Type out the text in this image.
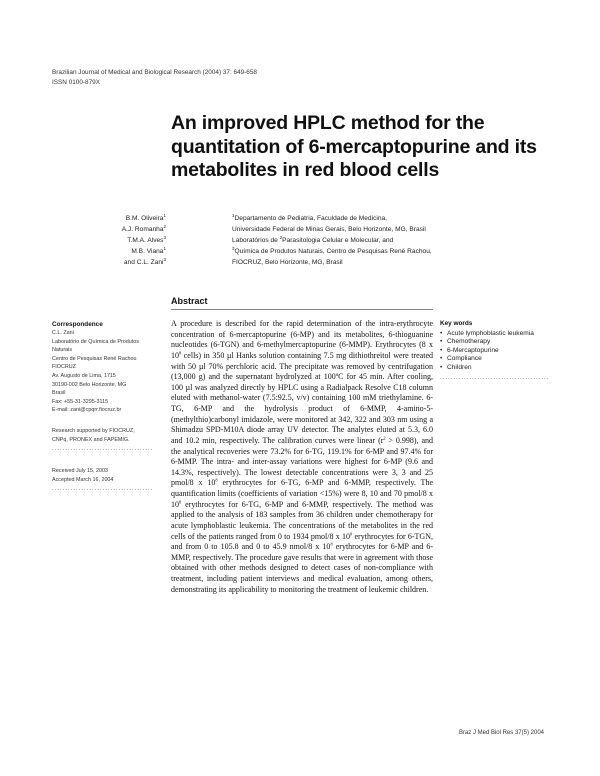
Brazilian Journal of Medical and Biological Research (2004) 37: 649-658
ISSN 0100-879X
An improved HPLC method for the quantitation of 6-mercaptopurine and its metabolites in red blood cells
B.M. Oliveira$^1$
A.J. Romanha$^2$
T.M.A. Alves$^3$
M.B. Viana$^1$
and C.L. Zani$^3$
$^1$Departamento de Pediatria, Faculdade de Medicina,
Universidade Federal de Minas Gerais, Belo Horizonte, MG, Brasil
Laboratórios de $^2$Parasitologia Celular e Molecular, and
$^3$Química de Produtos Naturais, Centro de Pesquisas René Rachou,
FIOCRUZ, Belo Horizonte, MG, Brasil
Abstract
Correspondence
C.L. Zani
Laboratório de Química de Produtos
Naturais
Centro de Pesquisas René Rachou
FIOCRUZ
Av. Augusto de Lima, 1715
30190-002 Belo Horizonte, MG
Brasil
Fax: +55-31-3295-3115
E-mail: zani@cpqrr.fiocruz.br
Research supported by FIOCRUZ,
CNPq, PRONEX and FAPEMIG.
.....
Received July 15, 2003
Accepted March 16, 2004
.....

A procedure is described for the rapid determination of the intra-erythrocyte concentration of 6-mercaptopurine (6-MP) and its metabolites, 6-thioguanine nucleotides (6-TGN) and 6-methylmercaptopurine (6-MMP). Erythrocytes (8 x $10^8$ cells) in 350 µl Hanks solution containing 7.5 mg dithiothreitol were treated with 50 µl 70% perchloric acid. The precipitate was removed by centrifugation (13,000 g) and the supernatant hydrolyzed at 100ºC for 45 min. After cooling, 100 µl was analyzed directly by HPLC using a Radialpack Resolve C18 column eluted with methanol-water (7.5:92.5, v/v) containing 100 mM triethylamine. 6-TG, 6-MP and the hydrolysis product of 6-MMP, 4-amino-5-(methylthio)carbonyl imidazole, were monitored at 342, 322 and 303 nm using a Shimadzu SPD-M10A diode array UV detector. The analytes eluted at 5.3, 6.0 and 10.2 min, respectively. The calibration curves were linear $(r^2 > 0.998)$, and the analytical recoveries were 73.2% for 6-TG, 119.1% for 6-MP and 97.4% for 6-MMP. The intra- and inter-assay variations were highest for 6-MP (9.6 and 14.3%, respectively). The lowest detectable concentrations were 3, 3 and 25 pmol/8 x $10^8$ erythrocytes for 6-TG, 6-MP and 6-MMP, respectively. The quantification limits (coefficients of variation <15%) were 8, 10 and 70 pmol/8 x $10^8$ erythrocytes for 6-TG, 6-MP and 6-MMP, respectively. The method was applied to the analysis of 183 samples from 36 children under chemotherapy for acute lymphoblastic leukemia. The concentrations of the metabolites in the red cells of the patients ranged from 0 to 1934 pmol/8 x $10^8$ erythrocytes for 6-TGN, and from 0 to 105.8 and 0 to 45.9 nmol/8 x $10^8$ erythrocytes for 6-MP and 6-MMP, respectively. The procedure gave results that were in agreement with those obtained with other methods designed to detect cases of non-compliance with treatment, including patient interviews and medical evaluation, among others, demonstrating its applicability to monitoring the treatment of leukemic children.

Key words
• Acute lymphoblastic leukemia
• Chemotherapy
• 6-Mercaptopurine
• Compliance
• Children
.....
Braz J Med Biol Res 37(5) 2004
